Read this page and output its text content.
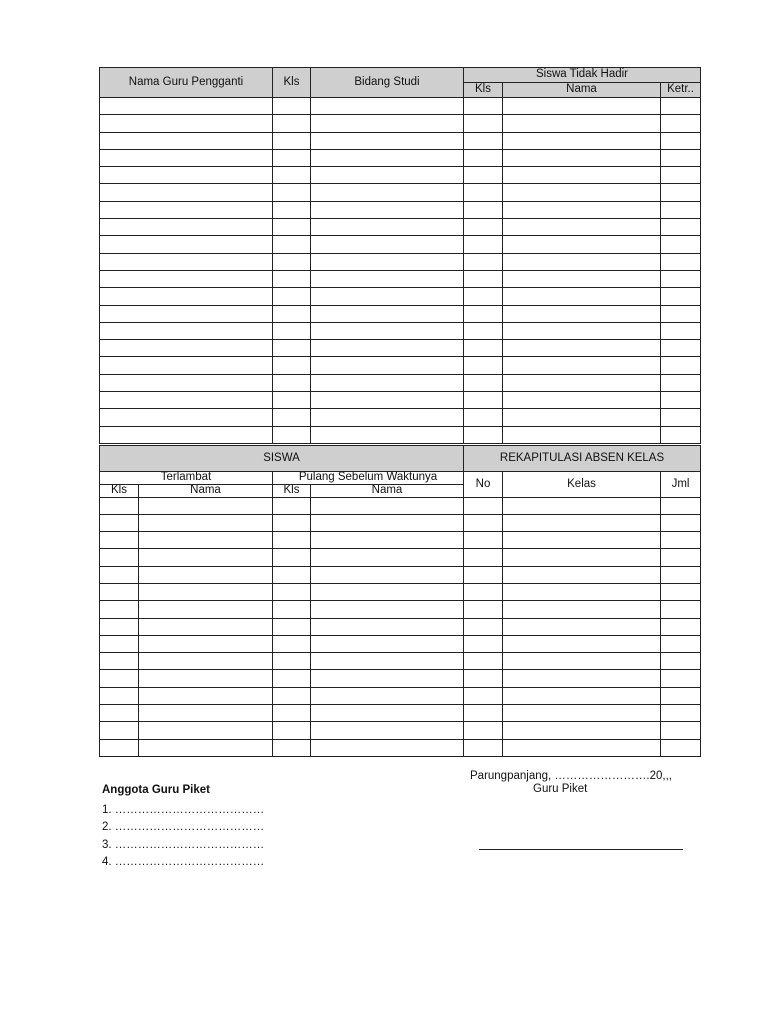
Nama Guru Pengganti	Kls	Bidang Studi	Siswa Tidak Hadir		
			Kls	Nama	Ketr..

SISWA				REKAPITULASI ABSEN KELAS		
Terlambat		Pulang Sebelum Waktunya		No	Kelas	Jml
Kls	Nama	Kls	Nama			

Parungpanjang, …………………….20,,,
Guru Piket
Anggota Guru Piket
1. …………………………………
2. …………………………………
3. …………………………………
4. …………………………………
